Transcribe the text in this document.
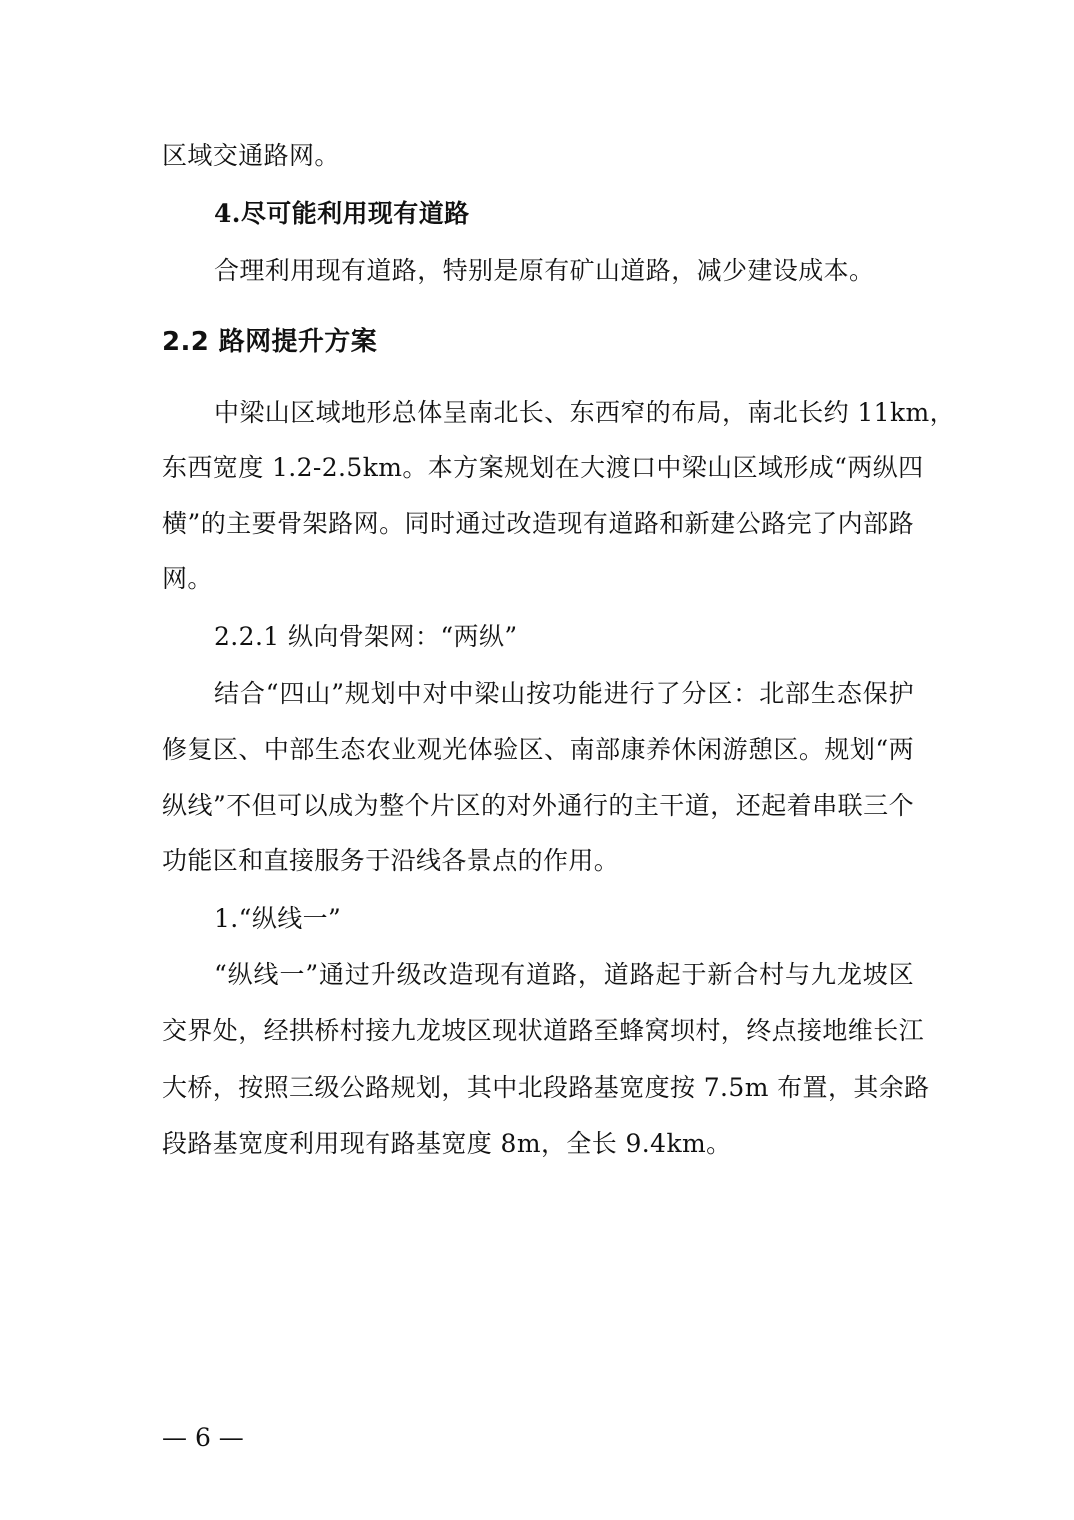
区域交通路网。
4.尽可能利用现有道路
合理利用现有道路，特别是原有矿山道路，减少建设成本。
2.2 路网提升方案
中梁山区域地形总体呈南北长、东西窄的布局，南北长约 11km，
东西宽度 1.2-2.5km。本方案规划在大渡口中梁山区域形成“两纵四
横”的主要骨架路网。同时通过改造现有道路和新建公路完了内部路
网。
2.2.1 纵向骨架网：“两纵”
结合“四山”规划中对中梁山按功能进行了分区：北部生态保护
修复区、中部生态农业观光体验区、南部康养休闲游憩区。规划“两
纵线”不但可以成为整个片区的对外通行的主干道，还起着串联三个
功能区和直接服务于沿线各景点的作用。
1.“纵线一”
“纵线一”通过升级改造现有道路，道路起于新合村与九龙坡区
交界处，经拱桥村接九龙坡区现状道路至蜂窝坝村，终点接地维长江
大桥，按照三级公路规划，其中北段路基宽度按 7.5m 布置，其余路
段路基宽度利用现有路基宽度 8m，全长 9.4km。
— 6 —
